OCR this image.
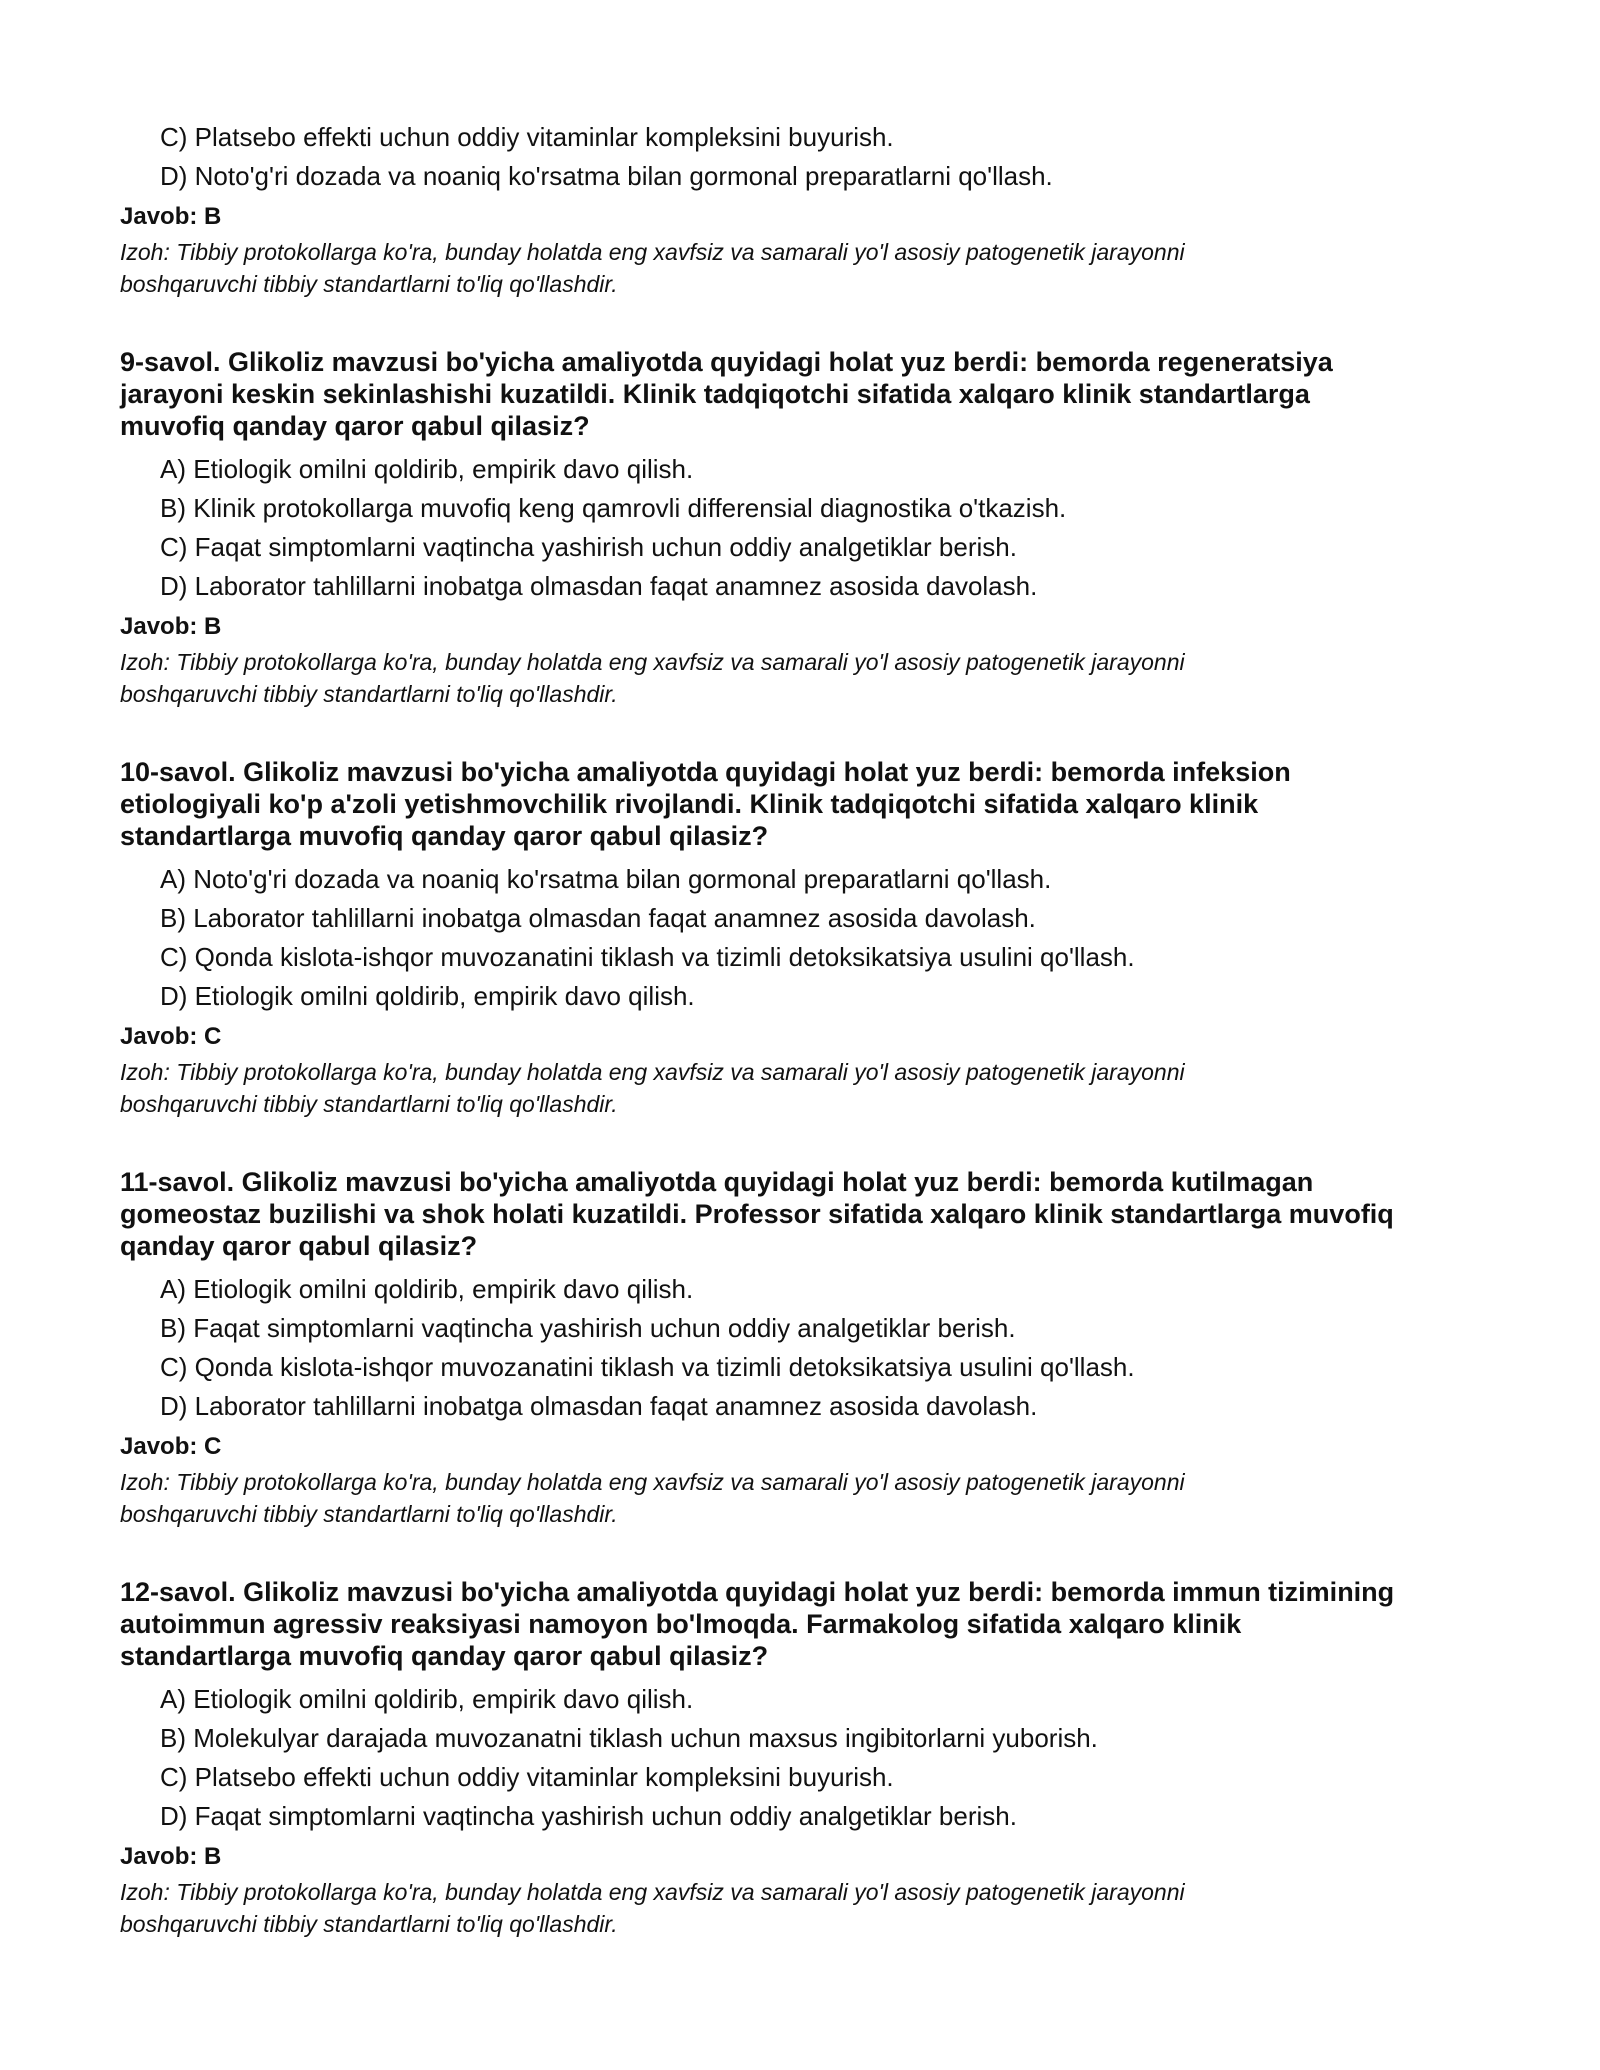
C) Platsebo effekti uchun oddiy vitaminlar kompleksini buyurish.
D) Noto'g'ri dozada va noaniq ko'rsatma bilan gormonal preparatlarni qo'llash.
Javob: B
Izoh: Tibbiy protokollarga ko'ra, bunday holatda eng xavfsiz va samarali yo'l asosiy patogenetik jarayonni
boshqaruvchi tibbiy standartlarni to'liq qo'llashdir.
9-savol. Glikoliz mavzusi bo'yicha amaliyotda quyidagi holat yuz berdi: bemorda regeneratsiya
jarayoni keskin sekinlashishi kuzatildi. Klinik tadqiqotchi sifatida xalqaro klinik standartlarga
muvofiq qanday qaror qabul qilasiz?
A) Etiologik omilni qoldirib, empirik davo qilish.
B) Klinik protokollarga muvofiq keng qamrovli differensial diagnostika o'tkazish.
C) Faqat simptomlarni vaqtincha yashirish uchun oddiy analgetiklar berish.
D) Laborator tahlillarni inobatga olmasdan faqat anamnez asosida davolash.
Javob: B
Izoh: Tibbiy protokollarga ko'ra, bunday holatda eng xavfsiz va samarali yo'l asosiy patogenetik jarayonni
boshqaruvchi tibbiy standartlarni to'liq qo'llashdir.
10-savol. Glikoliz mavzusi bo'yicha amaliyotda quyidagi holat yuz berdi: bemorda infeksion
etiologiyali ko'p a'zoli yetishmovchilik rivojlandi. Klinik tadqiqotchi sifatida xalqaro klinik
standartlarga muvofiq qanday qaror qabul qilasiz?
A) Noto'g'ri dozada va noaniq ko'rsatma bilan gormonal preparatlarni qo'llash.
B) Laborator tahlillarni inobatga olmasdan faqat anamnez asosida davolash.
C) Qonda kislota-ishqor muvozanatini tiklash va tizimli detoksikatsiya usulini qo'llash.
D) Etiologik omilni qoldirib, empirik davo qilish.
Javob: C
Izoh: Tibbiy protokollarga ko'ra, bunday holatda eng xavfsiz va samarali yo'l asosiy patogenetik jarayonni
boshqaruvchi tibbiy standartlarni to'liq qo'llashdir.
11-savol. Glikoliz mavzusi bo'yicha amaliyotda quyidagi holat yuz berdi: bemorda kutilmagan
gomeostaz buzilishi va shok holati kuzatildi. Professor sifatida xalqaro klinik standartlarga muvofiq
qanday qaror qabul qilasiz?
A) Etiologik omilni qoldirib, empirik davo qilish.
B) Faqat simptomlarni vaqtincha yashirish uchun oddiy analgetiklar berish.
C) Qonda kislota-ishqor muvozanatini tiklash va tizimli detoksikatsiya usulini qo'llash.
D) Laborator tahlillarni inobatga olmasdan faqat anamnez asosida davolash.
Javob: C
Izoh: Tibbiy protokollarga ko'ra, bunday holatda eng xavfsiz va samarali yo'l asosiy patogenetik jarayonni
boshqaruvchi tibbiy standartlarni to'liq qo'llashdir.
12-savol. Glikoliz mavzusi bo'yicha amaliyotda quyidagi holat yuz berdi: bemorda immun tizimining
autoimmun agressiv reaksiyasi namoyon bo'lmoqda. Farmakolog sifatida xalqaro klinik
standartlarga muvofiq qanday qaror qabul qilasiz?
A) Etiologik omilni qoldirib, empirik davo qilish.
B) Molekulyar darajada muvozanatni tiklash uchun maxsus ingibitorlarni yuborish.
C) Platsebo effekti uchun oddiy vitaminlar kompleksini buyurish.
D) Faqat simptomlarni vaqtincha yashirish uchun oddiy analgetiklar berish.
Javob: B
Izoh: Tibbiy protokollarga ko'ra, bunday holatda eng xavfsiz va samarali yo'l asosiy patogenetik jarayonni
boshqaruvchi tibbiy standartlarni to'liq qo'llashdir.
